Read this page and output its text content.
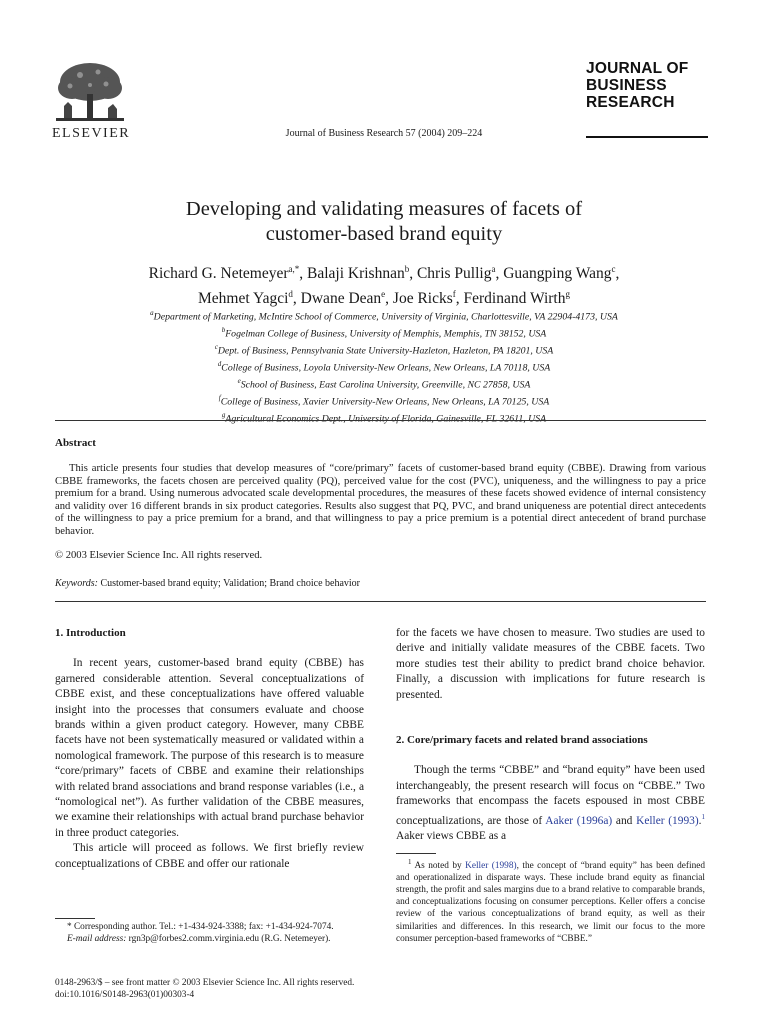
ELSEVIER	Journal of Business Research 57 (2004) 209–224
JOURNAL OF
BUSINESS
RESEARCH
Developing and validating measures of facets of
customer-based brand equity
Richard G. Netemeyer$^{a,*}$, Balaji Krishnan$^b$, Chris Pullig$^a$, Guangping Wang$^c$,
Mehmet Yagci$^d$, Dwane Dean$^e$, Joe Ricks$^f$, Ferdinand Wirth$^g$
$^a$Department of Marketing, McIntire School of Commerce, University of Virginia, Charlottesville, VA 22904-4173, USA
$^b$Fogelman College of Business, University of Memphis, Memphis, TN 38152, USA
$^c$Dept. of Business, Pennsylvania State University-Hazleton, Hazleton, PA 18201, USA
$^d$College of Business, Loyola University-New Orleans, New Orleans, LA 70118, USA
$^e$School of Business, East Carolina University, Greenville, NC 27858, USA
$^f$College of Business, Xavier University-New Orleans, New Orleans, LA 70125, USA
$^g$Agricultural Economics Dept., University of Florida, Gainesville, FL 32611, USA
Abstract

This article presents four studies that develop measures of “core/primary” facets of customer-based brand equity (CBBE). Drawing from various CBBE frameworks, the facets chosen are perceived quality (PQ), perceived value for the cost (PVC), uniqueness, and the willingness to pay a price premium for a brand. Using numerous advocated scale developmental procedures, the measures of these facets showed evidence of internal consistency and validity over 16 different brands in six product categories. Results also suggest that PQ, PVC, and brand uniqueness are potential direct antecedents of the willingness to pay a price premium for a brand, and that willingness to pay a price premium is a potential direct antecedent of brand purchase behavior.

© 2003 Elsevier Science Inc. All rights reserved.
Keywords: Customer-based brand equity; Validation; Brand choice behavior

1. Introduction

In recent years, customer-based brand equity (CBBE) has garnered considerable attention. Several conceptualizations of CBBE exist, and these conceptualizations have offered valuable insight into the processes that consumers evaluate and choose brands within a given product category. However, many CBBE facets have not been systematically measured or validated within a nomological framework. The purpose of this research is to measure “core/primary” facets of CBBE and examine their relationships with related brand associations and brand response variables (i.e., a “nomological net”). As further validation of the CBBE measures, we examine their relationships with actual brand purchase behavior in three product categories.

This article will proceed as follows. We first briefly review conceptualizations of CBBE and offer our rationale

* Corresponding author. Tel.: +1-434-924-3388; fax: +1-434-924-7074.
E-mail address: rgn3p@forbes2.comm.virginia.edu (R.G. Netemeyer).

for the facets we have chosen to measure. Two studies are used to derive and initially validate measures of the CBBE facets. Two more studies test their ability to predict brand choice behavior. Finally, a discussion with implications for future research is presented.

2. Core/primary facets and related brand associations

Though the terms “CBBE” and “brand equity” have been used interchangeably, the present research will focus on “CBBE.” Two frameworks that encompass the facets espoused in most CBBE conceptualizations, are those of Aaker (1996a) and Keller (1993).$^1$ Aaker views CBBE as a

$^1$ As noted by Keller (1998), the concept of “brand equity” has been defined and operationalized in disparate ways. These include brand equity as financial strength, the profit and sales margins due to a brand relative to comparable brands, and conceptualizations focusing on consumer perceptions. Keller offers a concise review of the various conceptualizations of brand equity, as well as their similarities and differences. In this research, we limit our focus to the more consumer perception-based frameworks of “CBBE.”
0148-2963/$ – see front matter © 2003 Elsevier Science Inc. All rights reserved.
doi:10.1016/S0148-2963(01)00303-4
